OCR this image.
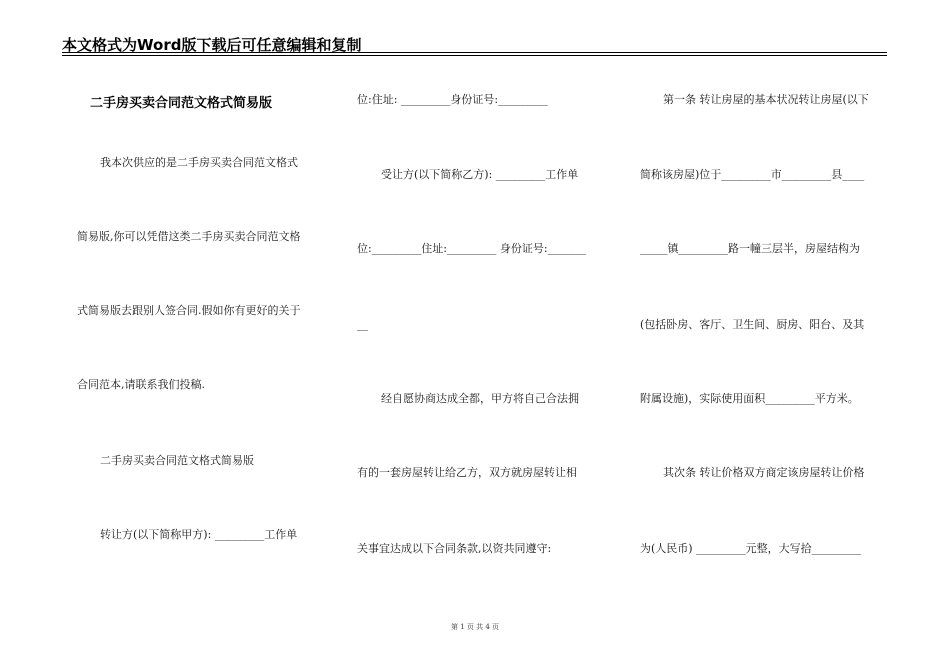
本文格式为Word版下载后可任意编辑和复制
二手房买卖合同范文格式简易版
我本次供应的是二手房买卖合同范文格式
简易版,你可以凭借这类二手房买卖合同范文格
式简易版去跟别人签合同.假如你有更好的关于
合同范本,请联系我们投稿.
二手房买卖合同范文格式简易版
转让方(以下简称甲方): _________工作单
位:住址: _________身份证号:_________
受让方(以下简称乙方): _________工作单
位:_________住址:_________ 身份证号:_______
__
经自愿协商达成全都，甲方将自己合法拥
有的一套房屋转让给乙方，双方就房屋转让相
关事宜达成以下合同条款,以资共同遵守:
第一条 转让房屋的基本状况转让房屋(以下
简称该房屋)位于_________市_________县____
_____镇_________路一幢三层半，房屋结构为
(包括卧房、客厅、卫生间、厨房、阳台、及其
附属设施)，实际使用面积_________平方米。
其次条 转让价格双方商定该房屋转让价格
为(人民币) _________元整，大写拾_________
第 1 页 共 4 页
